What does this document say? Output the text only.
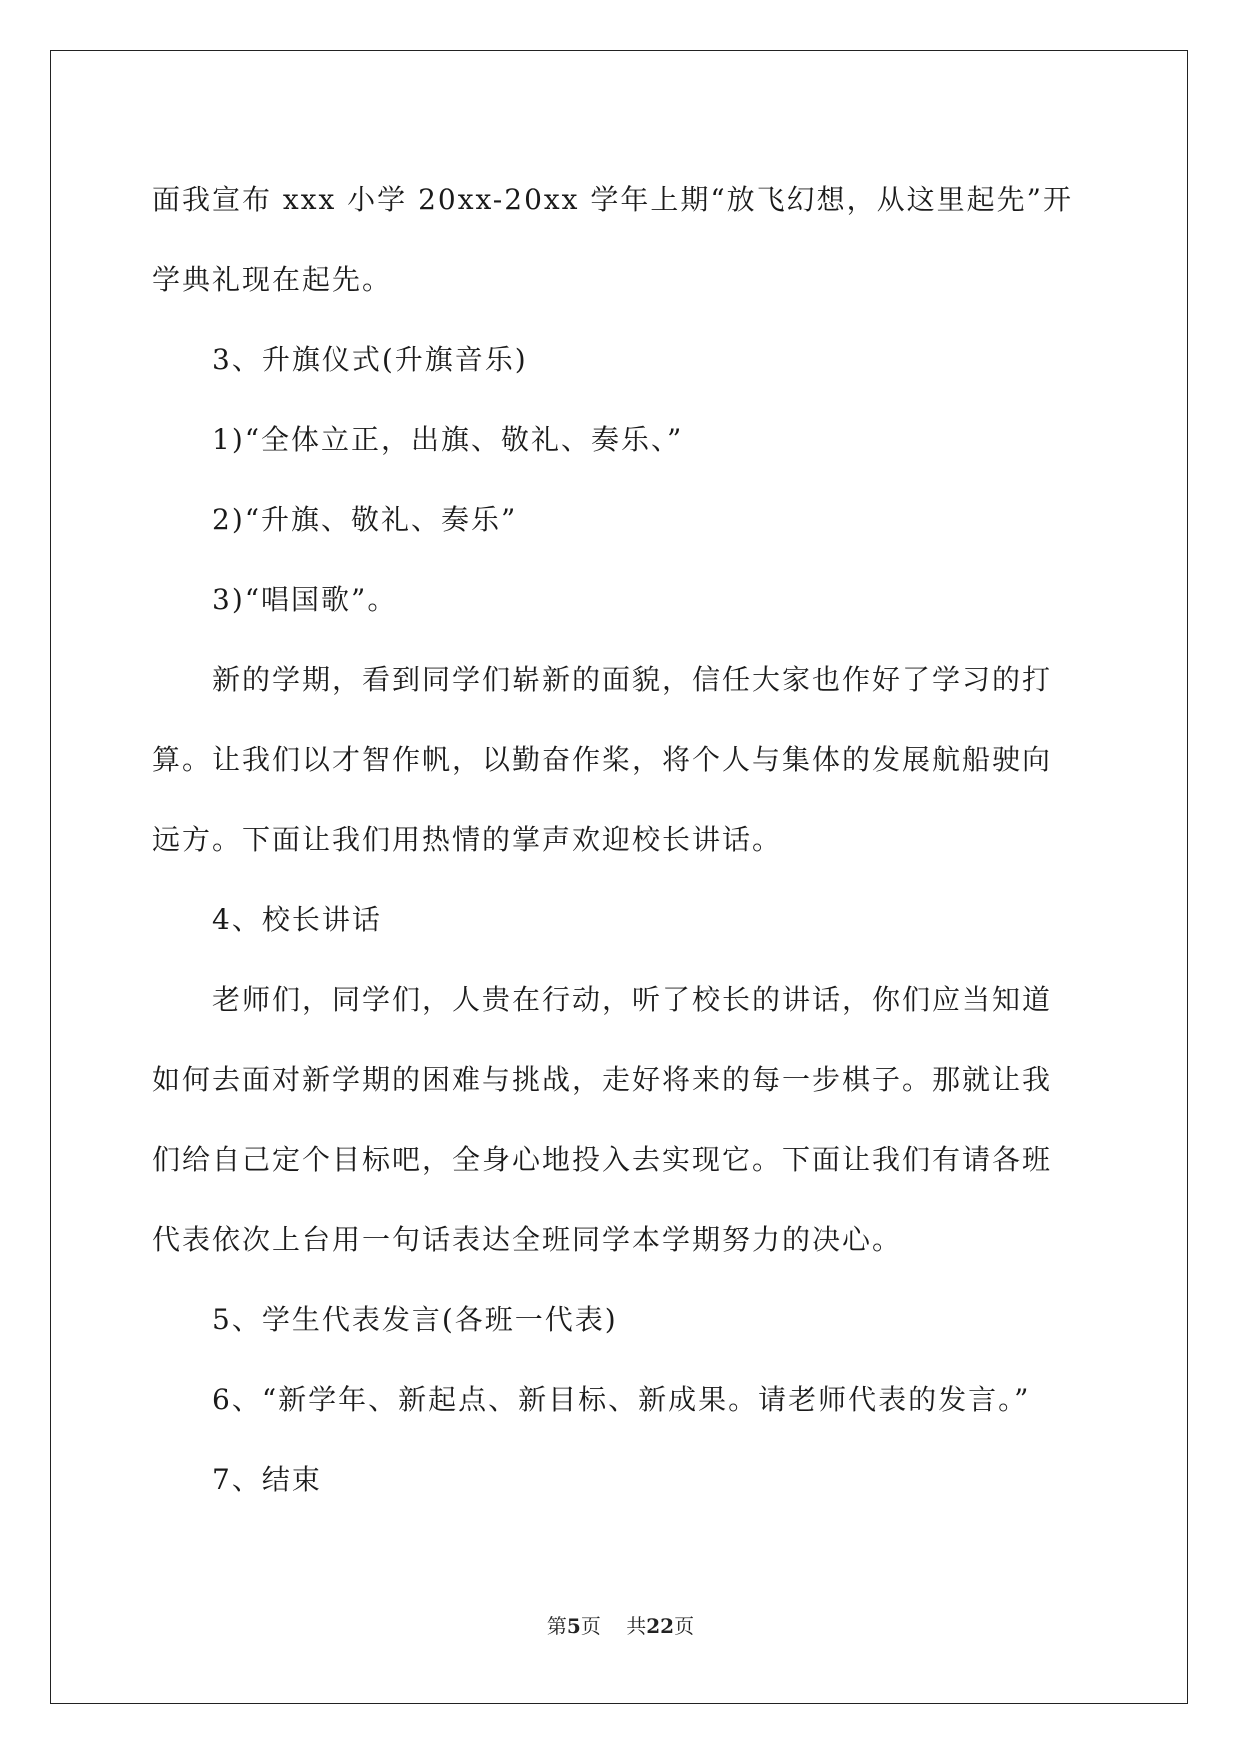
面我宣布 xxx 小学 20xx-20xx 学年上期“放飞幻想，从这里起先”开
学典礼现在起先。
3、升旗仪式(升旗音乐)
1)“全体立正，出旗、敬礼、奏乐、”
2)“升旗、敬礼、奏乐”
3)“唱国歌”。
新的学期，看到同学们崭新的面貌，信任大家也作好了学习的打
算。让我们以才智作帆，以勤奋作桨，将个人与集体的发展航船驶向
远方。下面让我们用热情的掌声欢迎校长讲话。
4、校长讲话
老师们，同学们，人贵在行动，听了校长的讲话，你们应当知道
如何去面对新学期的困难与挑战，走好将来的每一步棋子。那就让我
们给自己定个目标吧，全身心地投入去实现它。下面让我们有请各班
代表依次上台用一句话表达全班同学本学期努力的决心。
5、学生代表发言(各班一代表)
6、“新学年、新起点、新目标、新成果。请老师代表的发言。”
7、结束
第5页 共22页
